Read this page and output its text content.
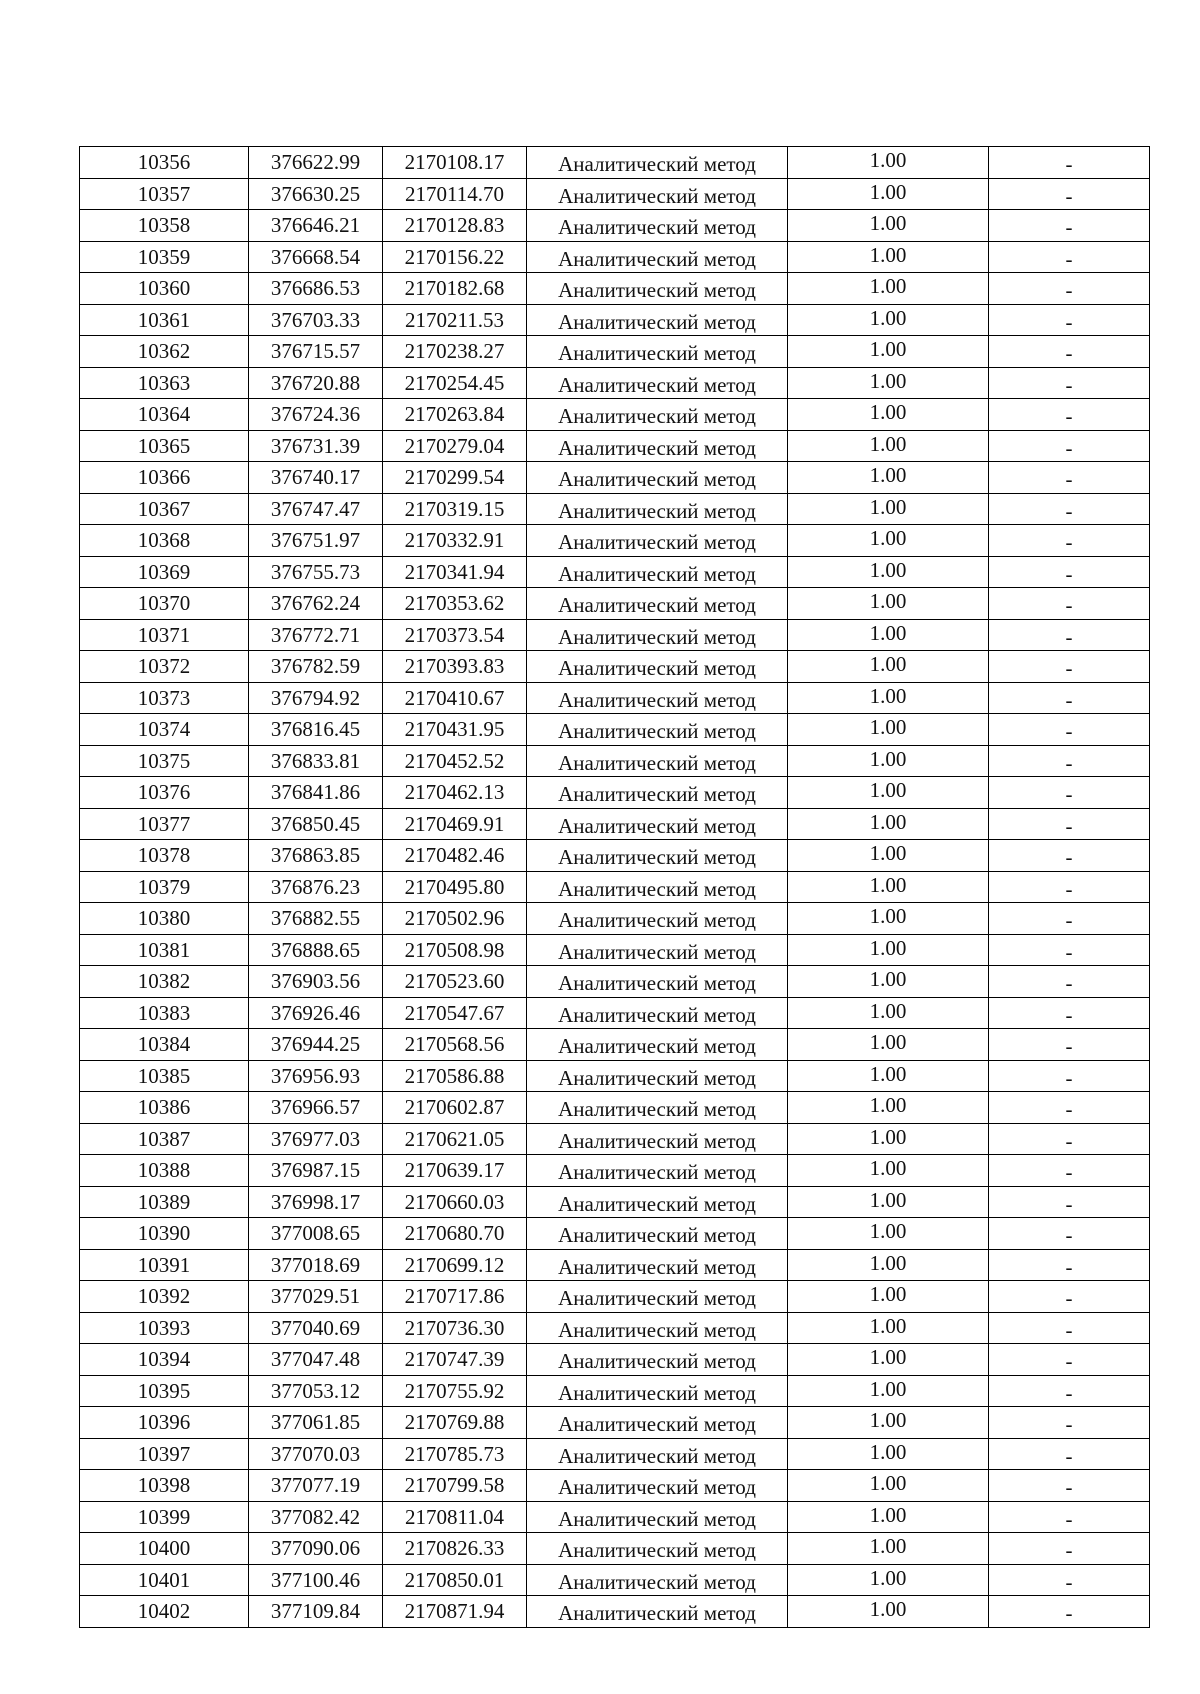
10356	376622.99	2170108.17	Аналитический метод	1.00	-
10357	376630.25	2170114.70	Аналитический метод	1.00	-
10358	376646.21	2170128.83	Аналитический метод	1.00	-
10359	376668.54	2170156.22	Аналитический метод	1.00	-
10360	376686.53	2170182.68	Аналитический метод	1.00	-
10361	376703.33	2170211.53	Аналитический метод	1.00	-
10362	376715.57	2170238.27	Аналитический метод	1.00	-
10363	376720.88	2170254.45	Аналитический метод	1.00	-
10364	376724.36	2170263.84	Аналитический метод	1.00	-
10365	376731.39	2170279.04	Аналитический метод	1.00	-
10366	376740.17	2170299.54	Аналитический метод	1.00	-
10367	376747.47	2170319.15	Аналитический метод	1.00	-
10368	376751.97	2170332.91	Аналитический метод	1.00	-
10369	376755.73	2170341.94	Аналитический метод	1.00	-
10370	376762.24	2170353.62	Аналитический метод	1.00	-
10371	376772.71	2170373.54	Аналитический метод	1.00	-
10372	376782.59	2170393.83	Аналитический метод	1.00	-
10373	376794.92	2170410.67	Аналитический метод	1.00	-
10374	376816.45	2170431.95	Аналитический метод	1.00	-
10375	376833.81	2170452.52	Аналитический метод	1.00	-
10376	376841.86	2170462.13	Аналитический метод	1.00	-
10377	376850.45	2170469.91	Аналитический метод	1.00	-
10378	376863.85	2170482.46	Аналитический метод	1.00	-
10379	376876.23	2170495.80	Аналитический метод	1.00	-
10380	376882.55	2170502.96	Аналитический метод	1.00	-
10381	376888.65	2170508.98	Аналитический метод	1.00	-
10382	376903.56	2170523.60	Аналитический метод	1.00	-
10383	376926.46	2170547.67	Аналитический метод	1.00	-
10384	376944.25	2170568.56	Аналитический метод	1.00	-
10385	376956.93	2170586.88	Аналитический метод	1.00	-
10386	376966.57	2170602.87	Аналитический метод	1.00	-
10387	376977.03	2170621.05	Аналитический метод	1.00	-
10388	376987.15	2170639.17	Аналитический метод	1.00	-
10389	376998.17	2170660.03	Аналитический метод	1.00	-
10390	377008.65	2170680.70	Аналитический метод	1.00	-
10391	377018.69	2170699.12	Аналитический метод	1.00	-
10392	377029.51	2170717.86	Аналитический метод	1.00	-
10393	377040.69	2170736.30	Аналитический метод	1.00	-
10394	377047.48	2170747.39	Аналитический метод	1.00	-
10395	377053.12	2170755.92	Аналитический метод	1.00	-
10396	377061.85	2170769.88	Аналитический метод	1.00	-
10397	377070.03	2170785.73	Аналитический метод	1.00	-
10398	377077.19	2170799.58	Аналитический метод	1.00	-
10399	377082.42	2170811.04	Аналитический метод	1.00	-
10400	377090.06	2170826.33	Аналитический метод	1.00	-
10401	377100.46	2170850.01	Аналитический метод	1.00	-
10402	377109.84	2170871.94	Аналитический метод	1.00	-
